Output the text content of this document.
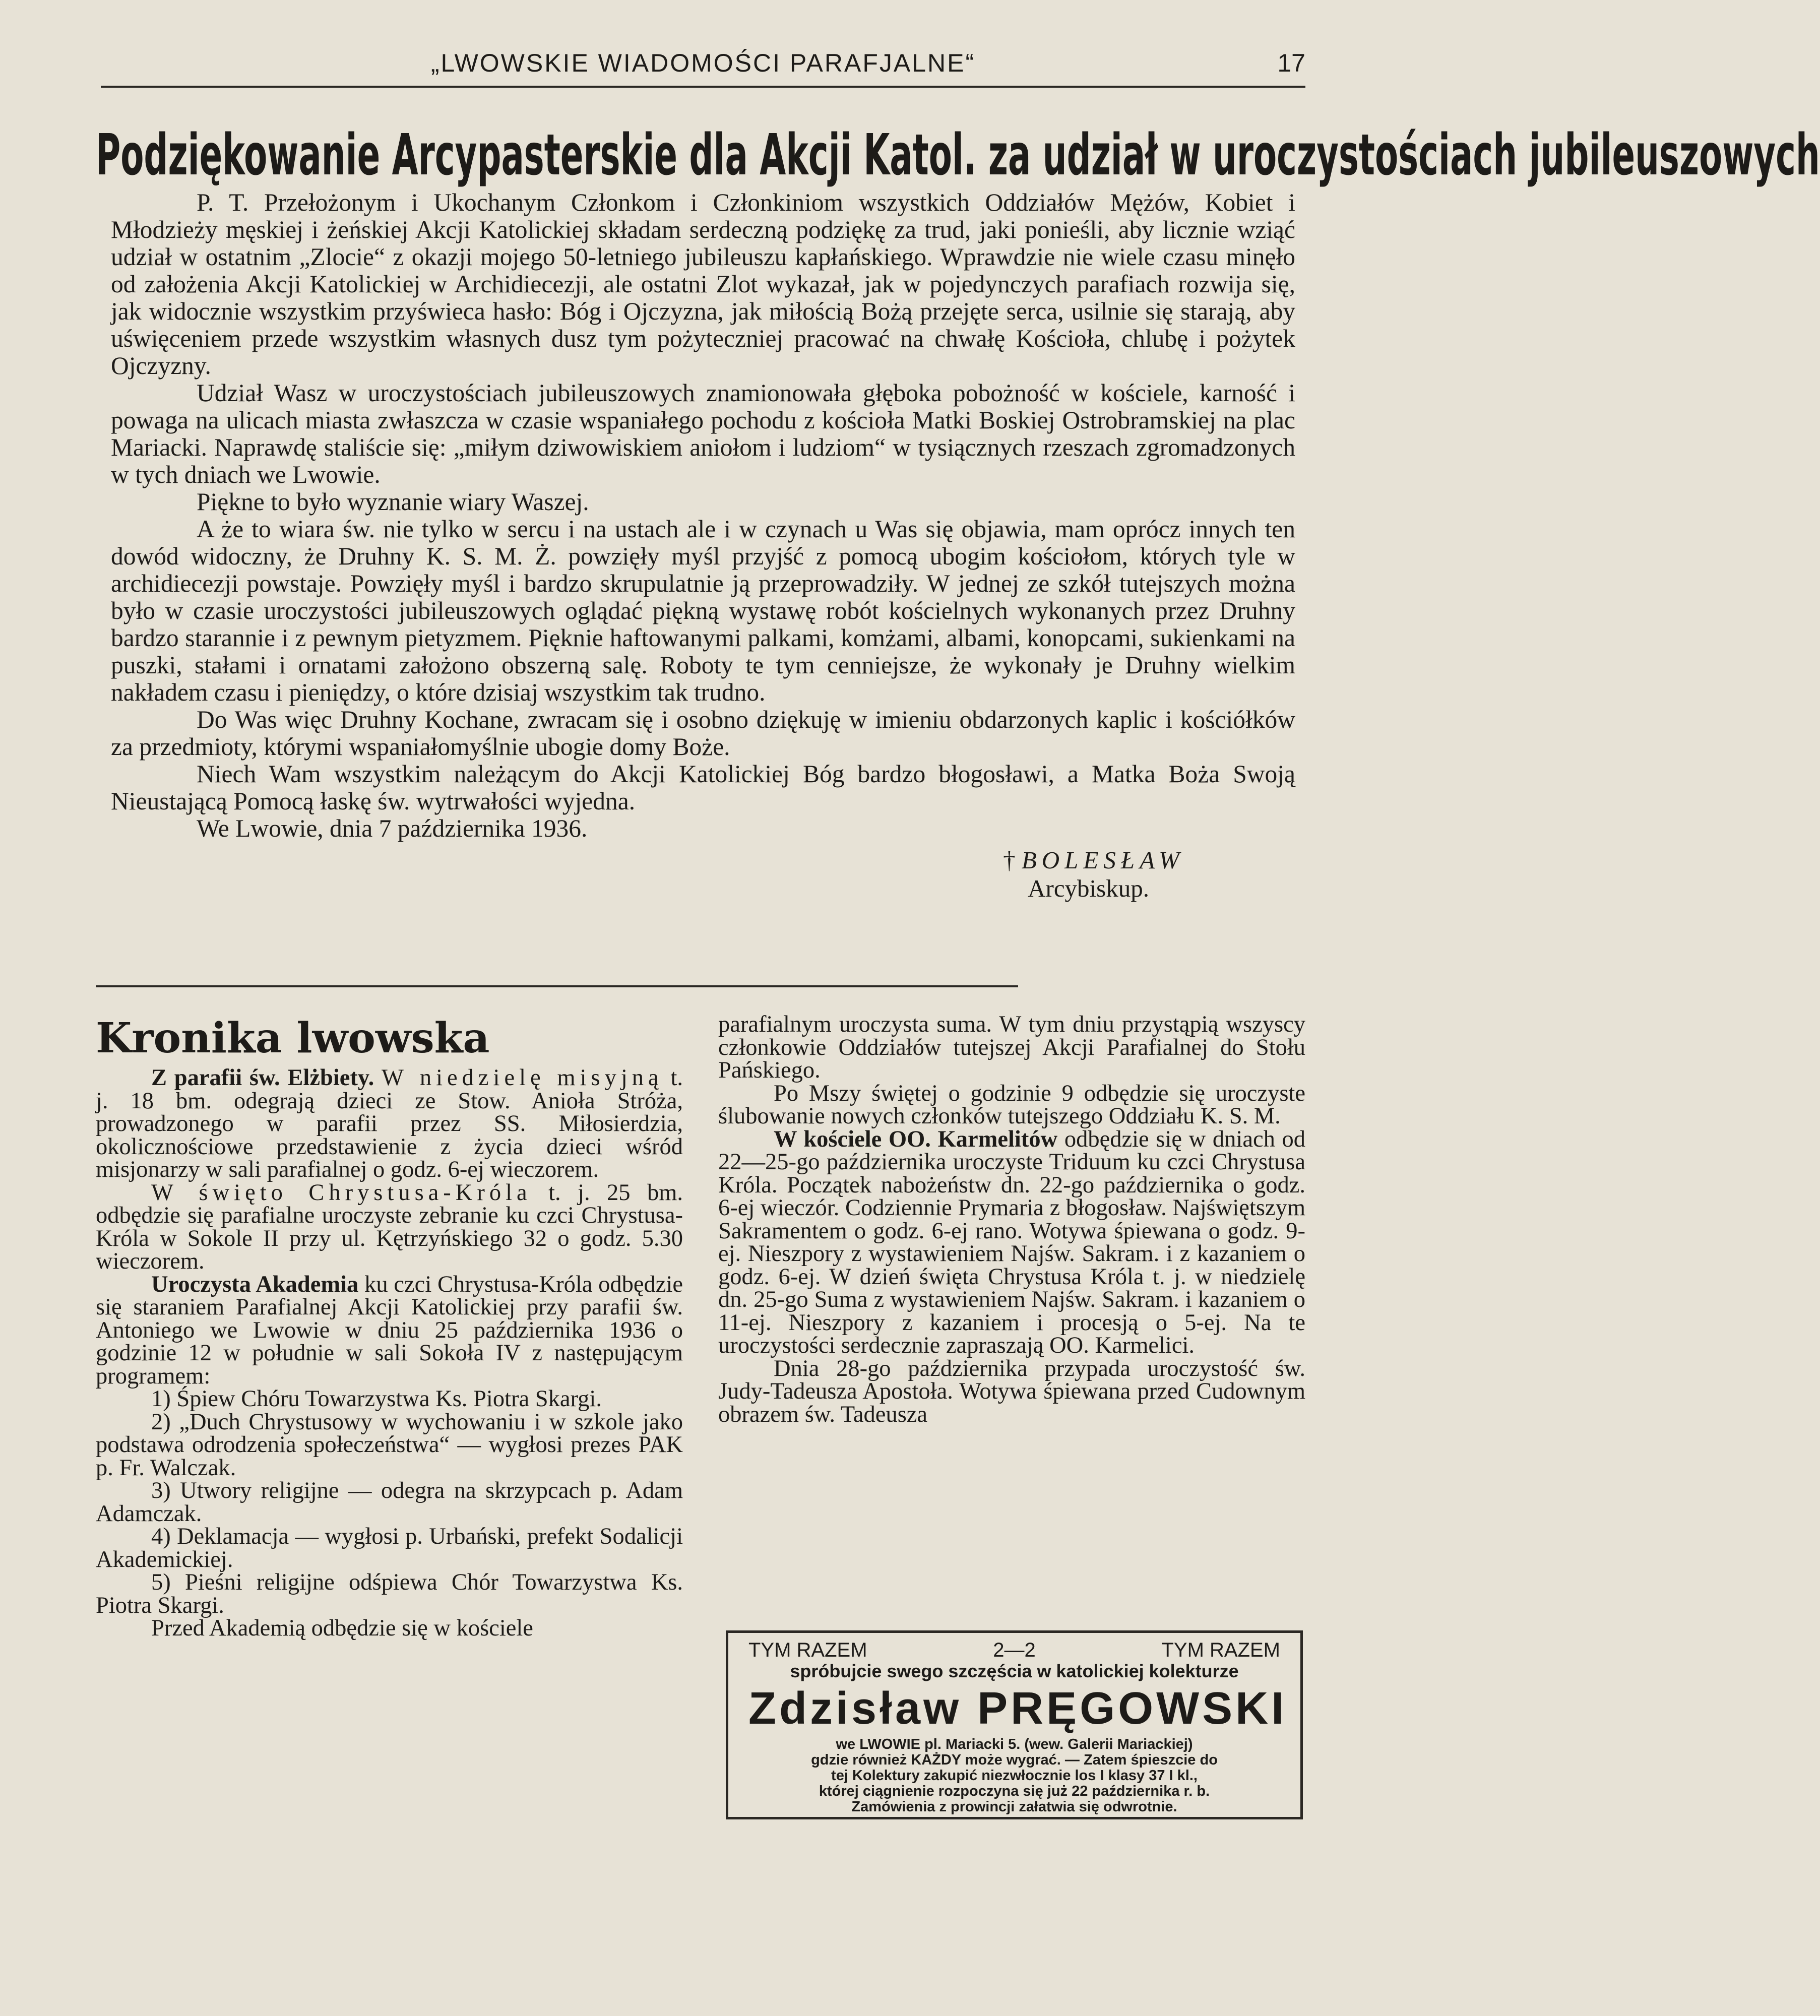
„LWOWSKIE WIADOMOŚCI PARAFJALNE“	17
Podziękowanie Arcypasterskie dla Akcji Katol. za udział w uroczystościach jubileuszowych

P. T. Przełożonym i Ukochanym Członkom i Członkiniom wszystkich Oddziałów Mężów, Kobiet i Młodzieży męskiej i żeńskiej Akcji Katolickiej składam serdeczną podziękę za trud, jaki ponieśli, aby licznie wziąć udział w ostatnim „Zlocie“ z okazji mojego 50-letniego jubileuszu kapłańskiego. Wprawdzie nie wiele czasu minęło od założenia Akcji Katolickiej w Archidiecezji, ale ostatni Zlot wykazał, jak w pojedynczych parafiach rozwija się, jak widocznie wszystkim przyświeca hasło: Bóg i Ojczyzna, jak miłością Bożą przejęte serca, usilnie się starają, aby uświęceniem przede wszystkim własnych dusz tym pożyteczniej pracować na chwałę Kościoła, chlubę i pożytek Ojczyzny.

Udział Wasz w uroczystościach jubileuszowych znamionowała głęboka pobożność w kościele, karność i powaga na ulicach miasta zwłaszcza w czasie wspaniałego pochodu z kościoła Matki Boskiej Ostrobramskiej na plac Mariacki. Naprawdę staliście się: „miłym dziwowiskiem aniołom i ludziom“ w tysiącznych rzeszach zgromadzonych w tych dniach we Lwowie.

Piękne to było wyznanie wiary Waszej.

A że to wiara św. nie tylko w sercu i na ustach ale i w czynach u Was się objawia, mam oprócz innych ten dowód widoczny, że Druhny K. S. M. Ż. powzięły myśl przyjść z pomocą ubogim kościołom, których tyle w archidiecezji powstaje. Powzięły myśl i bardzo skrupulatnie ją przeprowadziły. W jednej ze szkół tutejszych można było w czasie uroczystości jubileuszowych oglądać piękną wystawę robót kościelnych wykonanych przez Druhny bardzo starannie i z pewnym pietyzmem. Pięknie haftowanymi palkami, komżami, albami, konopcami, sukienkami na puszki, stałami i ornatami założono obszerną salę. Roboty te tym cenniejsze, że wykonały je Druhny wielkim nakładem czasu i pieniędzy, o które dzisiaj wszystkim tak trudno.

Do Was więc Druhny Kochane, zwracam się i osobno dziękuję w imieniu obdarzonych kaplic i kościółków za przedmioty, którymi wspaniałomyślnie ubogie domy Boże.

Niech Wam wszystkim należącym do Akcji Katolickiej Bóg bardzo błogosławi, a Matka Boża Swoją Nieustającą Pomocą łaskę św. wytrwałości wyjedna.

We Lwowie, dnia 7 października 1936.

† BOLESŁAW
Arcybiskup.
Kronika lwowska

Z parafii św. Elżbiety. W niedzielę misyjną t. j. 18 bm. odegrają dzieci ze Stow. Anioła Stróża, prowadzonego w parafii przez SS. Miłosierdzia, okolicznościowe przedstawienie z życia dzieci wśród misjonarzy w sali parafialnej o godz. 6-ej wieczorem.

W święto Chrystusa-Króla t. j. 25 bm. odbędzie się parafialne uroczyste zebranie ku czci Chrystusa-Króla w Sokole II przy ul. Kętrzyńskiego 32 o godz. 5.30 wieczorem.

Uroczysta Akademia ku czci Chrystusa-Króla odbędzie się staraniem Parafialnej Akcji Katolickiej przy parafii św. Antoniego we Lwowie w dniu 25 października 1936 o godzinie 12 w południe w sali Sokoła IV z następującym programem:

1) Śpiew Chóru Towarzystwa Ks. Piotra Skargi.

2) „Duch Chrystusowy w wychowaniu i w szkole jako podstawa odrodzenia społeczeństwa“ — wygłosi prezes PAK p. Fr. Walczak.

3) Utwory religijne — odegra na skrzypcach p. Adam Adamczak.

4) Deklamacja — wygłosi p. Urbański, prefekt Sodalicji Akademickiej.

5) Pieśni religijne odśpiewa Chór Towarzystwa Ks. Piotra Skargi.

Przed Akademią odbędzie się w kościele

parafialnym uroczysta suma. W tym dniu przystąpią wszyscy członkowie Oddziałów tutejszej Akcji Parafialnej do Stołu Pańskiego.

Po Mszy świętej o godzinie 9 odbędzie się uroczyste ślubowanie nowych członków tutejszego Oddziału K. S. M.

W kościele OO. Karmelitów odbędzie się w dniach od 22—25-go października uroczyste Triduum ku czci Chrystusa Króla. Początek nabożeństw dn. 22-go października o godz. 6-ej wieczór. Codziennie Prymaria z błogosław. Najświętszym Sakramentem o godz. 6-ej rano. Wotywa śpiewana o godz. 9-ej. Nieszpory z wystawieniem Najśw. Sakram. i z kazaniem o godz. 6-ej. W dzień święta Chrystusa Króla t. j. w niedzielę dn. 25-go Suma z wystawieniem Najśw. Sakram. i kazaniem o 11-ej. Nieszpory z kazaniem i procesją o 5-ej. Na te uroczystości serdecznie zapraszają OO. Karmelici.

Dnia 28-go października przypada uroczystość św. Judy-Tadeusza Apostoła. Wotywa śpiewana przed Cudownym obrazem św. Tadeusza

TYM RAZEM	2—2	TYM RAZEM
spróbujcie swego szczęścia w katolickiej kolekturze
Zdzisław PRĘGOWSKI
we LWOWIE pl. Mariacki 5. (wew. Galerii Mariackiej)
gdzie również KAŻDY może wygrać. — Zatem śpieszcie do
tej Kolektury zakupić niezwłocznie los I klasy 37 I kl.,
której ciągnienie rozpoczyna się już 22 października r. b.
Zamówienia z prowincji załatwia się odwrotnie.
